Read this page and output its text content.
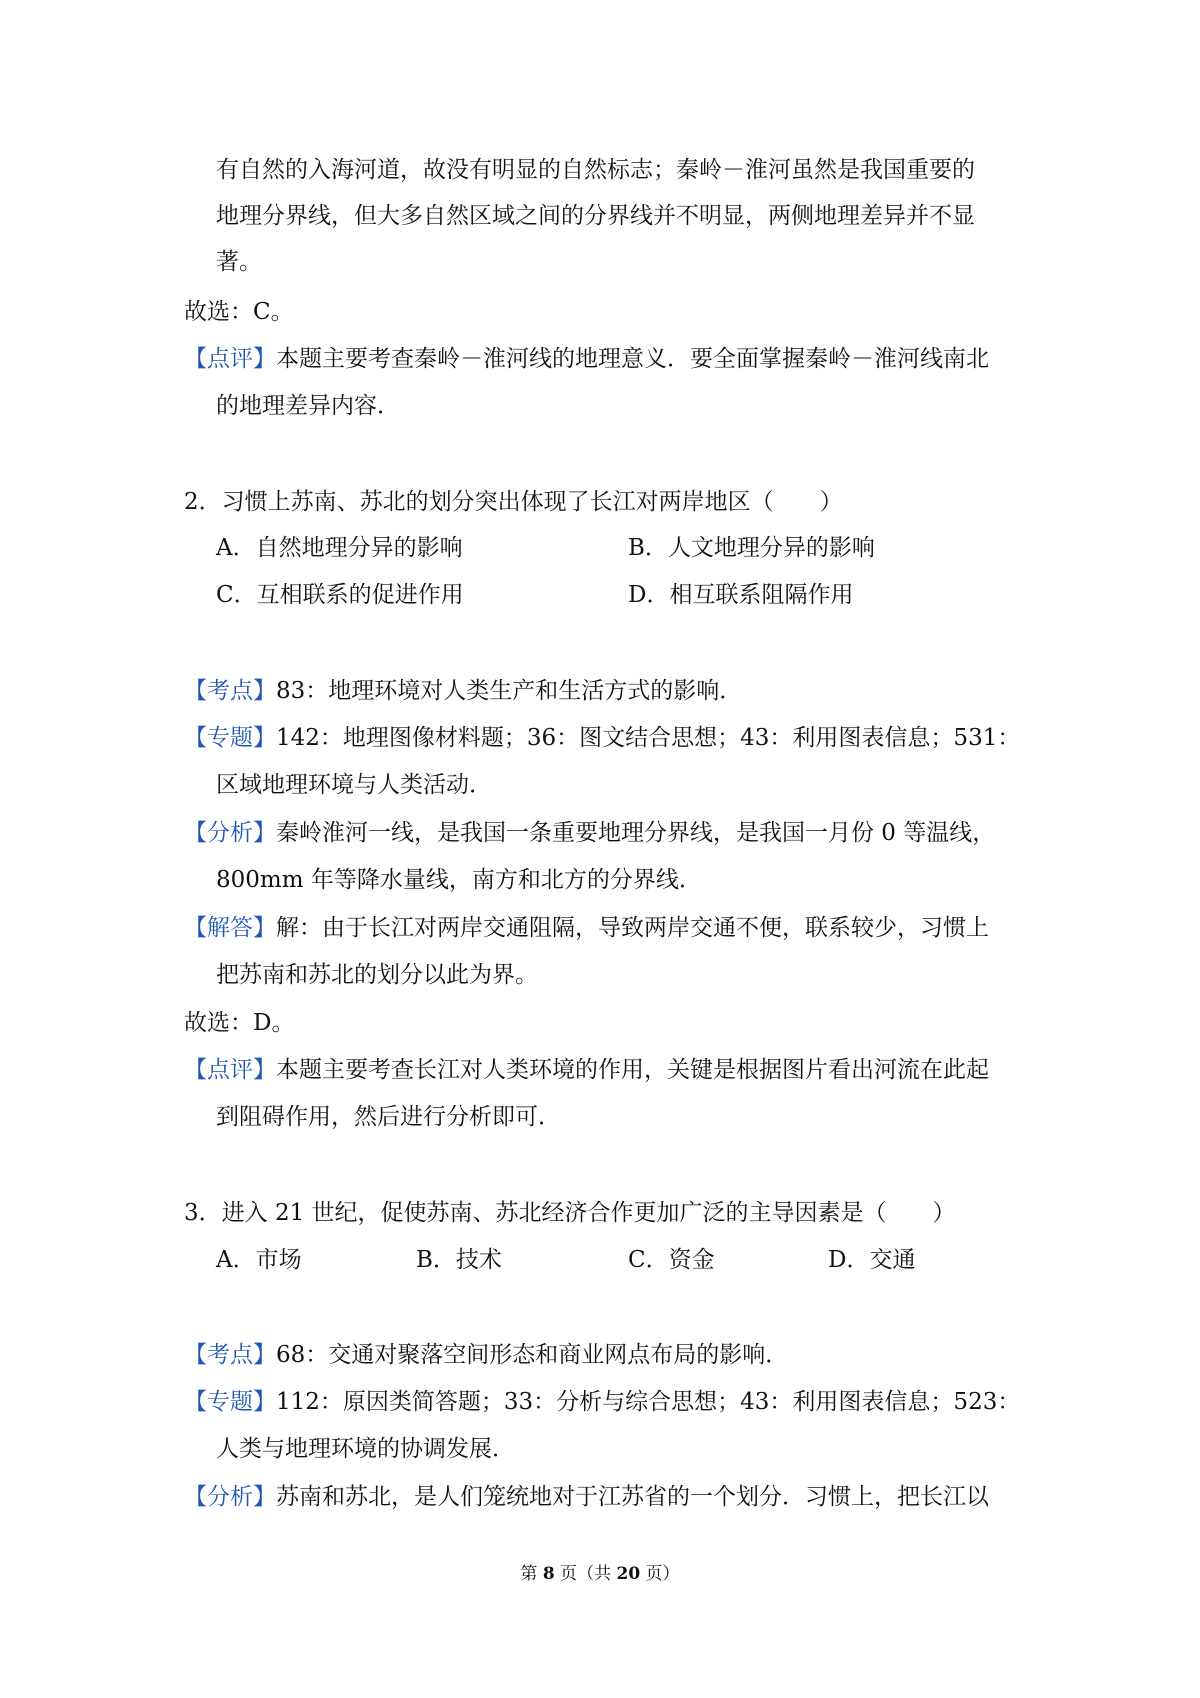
有自然的入海河道，故没有明显的自然标志；秦岭－淮河虽然是我国重要的
地理分界线，但大多自然区域之间的分界线并不明显，两侧地理差异并不显
著。
故选：C。
【点评】本题主要考查秦岭－淮河线的地理意义．要全面掌握秦岭－淮河线南北
的地理差异内容．
2．习惯上苏南、苏北的划分突出体现了长江对两岸地区（　　）
A．自然地理分异的影响	B．人文地理分异的影响
C．互相联系的促进作用	D．相互联系阻隔作用
【考点】83：地理环境对人类生产和生活方式的影响．
【专题】142：地理图像材料题；36：图文结合思想；43：利用图表信息；531：
区域地理环境与人类活动．
【分析】秦岭淮河一线，是我国一条重要地理分界线，是我国一月份 0 等温线，
800mm 年等降水量线，南方和北方的分界线．
【解答】解：由于长江对两岸交通阻隔，导致两岸交通不便，联系较少，习惯上
把苏南和苏北的划分以此为界。
故选：D。
【点评】本题主要考查长江对人类环境的作用，关键是根据图片看出河流在此起
到阻碍作用，然后进行分析即可．
3．进入 21 世纪，促使苏南、苏北经济合作更加广泛的主导因素是（　　）
A．市场	B．技术	C．资金	D．交通
【考点】68：交通对聚落空间形态和商业网点布局的影响．
【专题】112：原因类简答题；33：分析与综合思想；43：利用图表信息；523：
人类与地理环境的协调发展．
【分析】苏南和苏北，是人们笼统地对于江苏省的一个划分．习惯上，把长江以
第 8 页（共 20 页）
